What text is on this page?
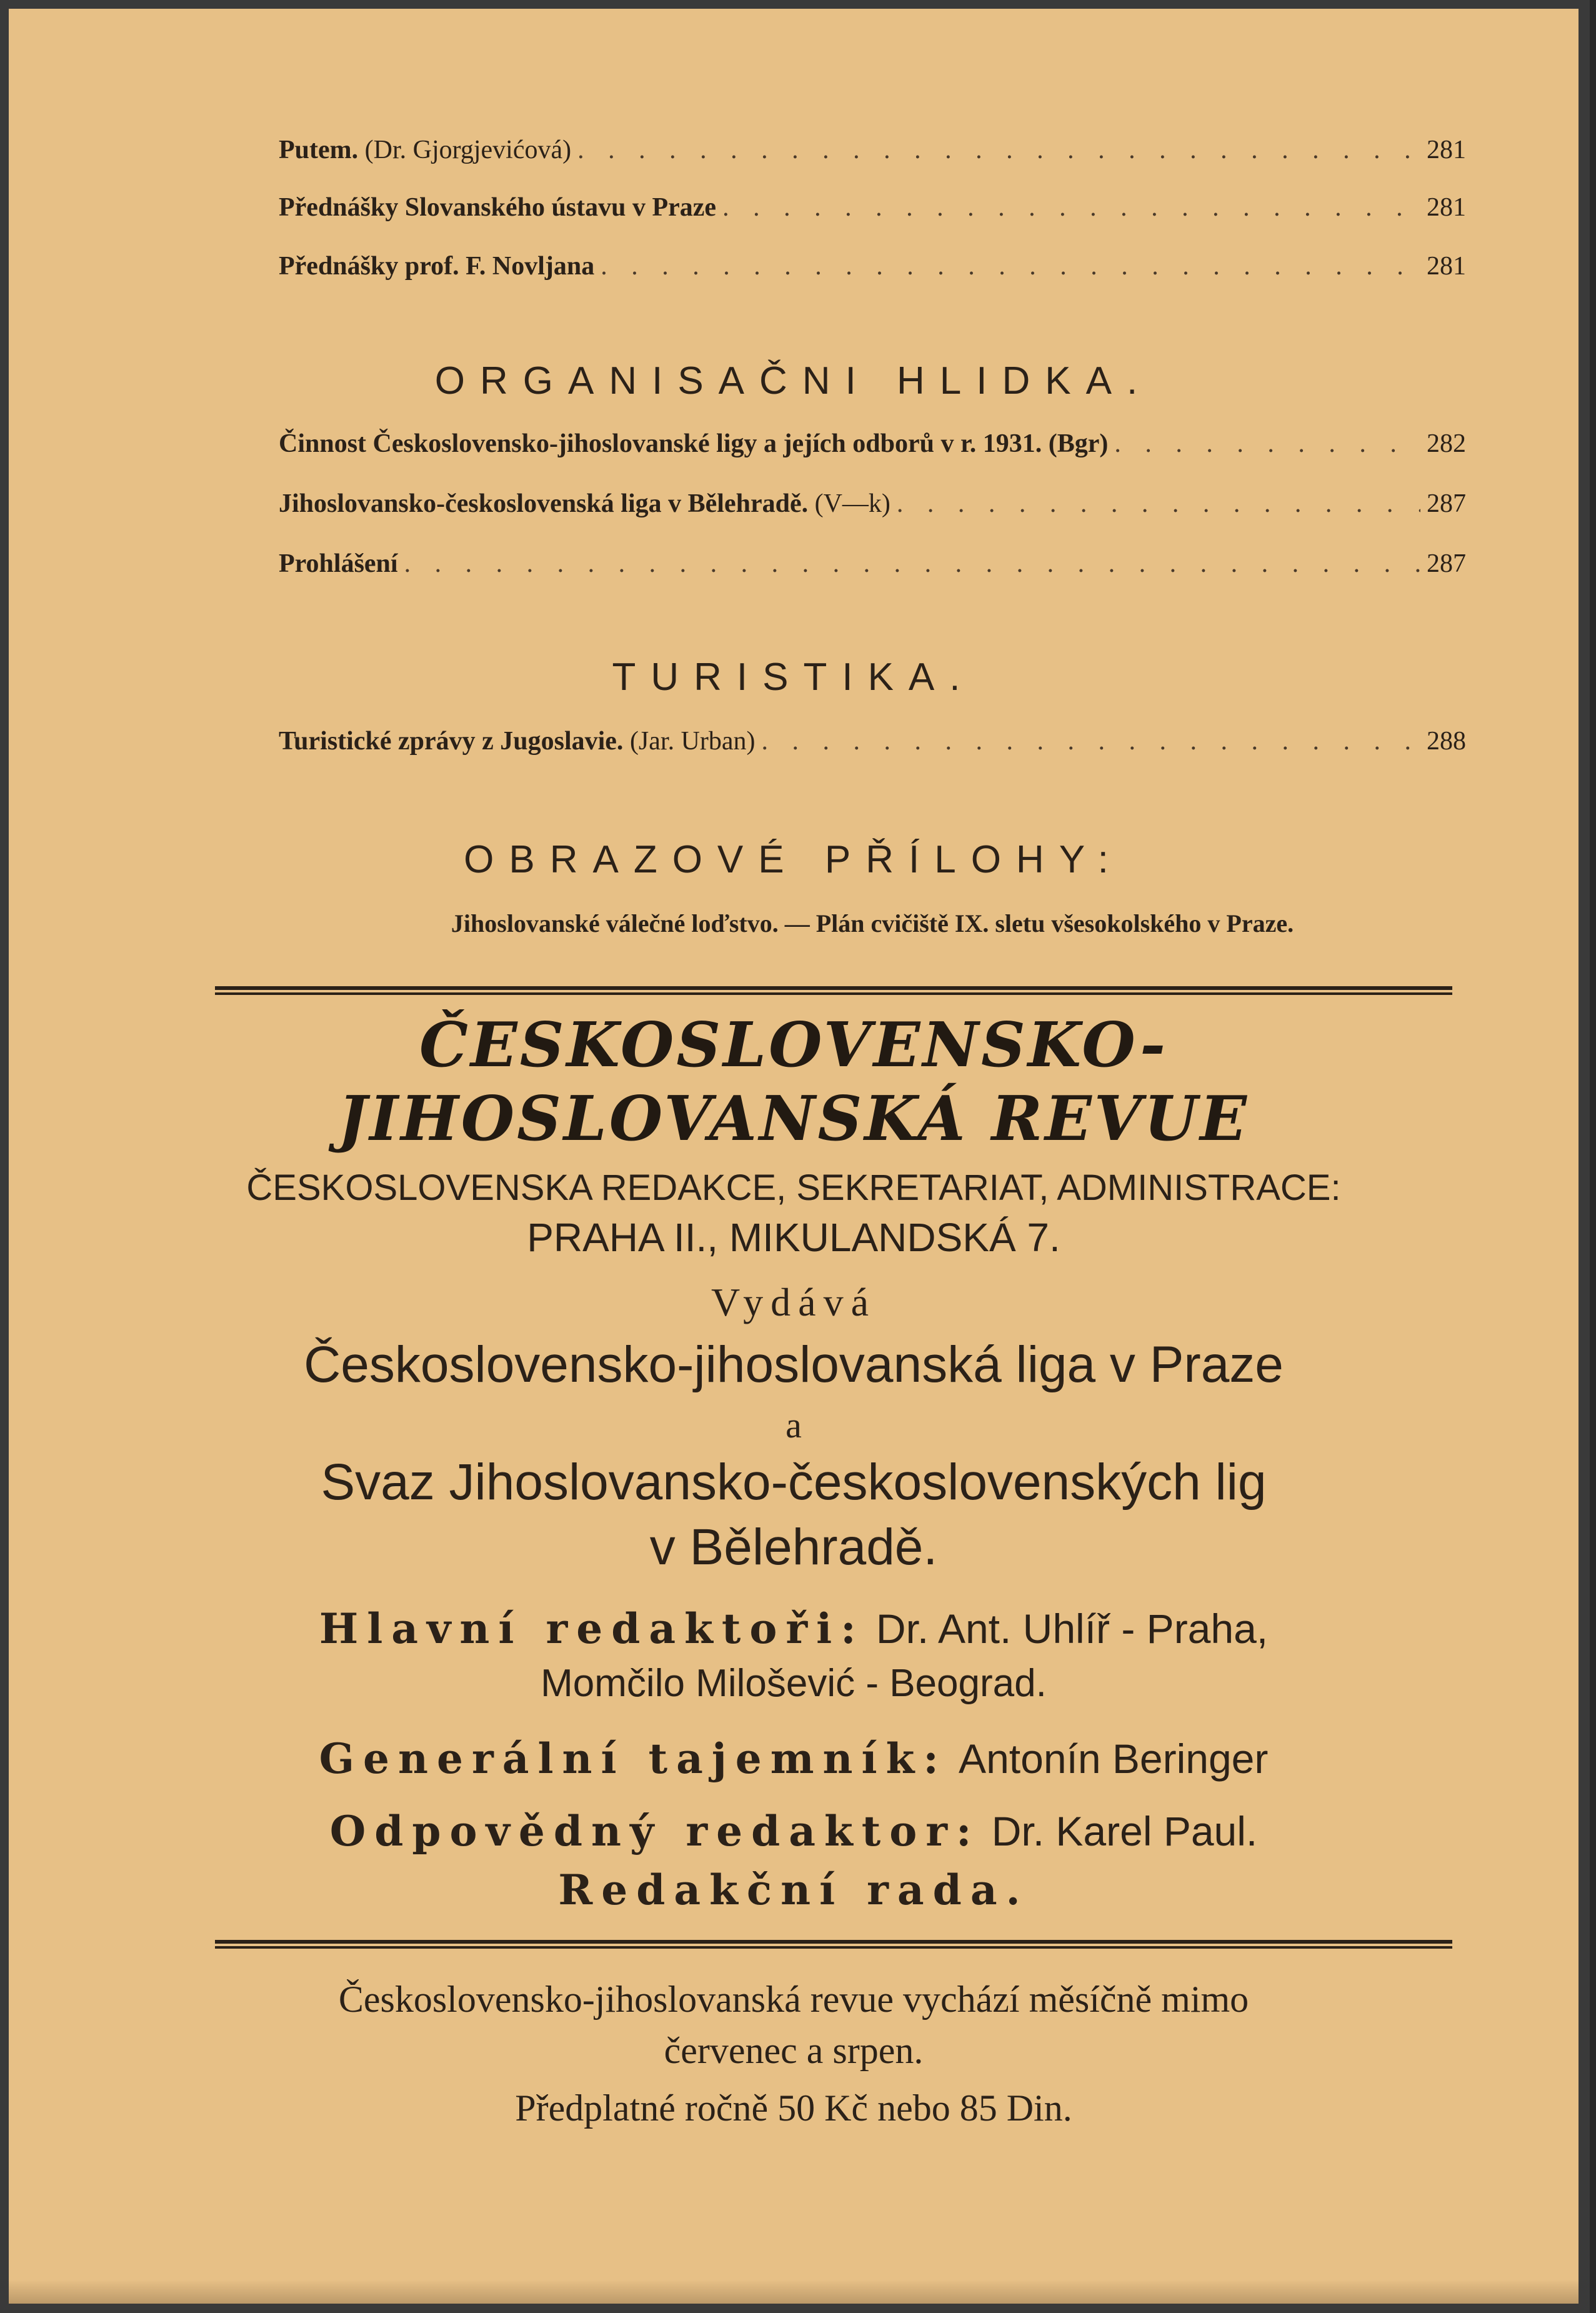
Putem. (Dr. Gjorgjevićová) . . .	281
Přednášky Slovanského ústavu v Praze . . .	281
Přednášky prof. F. Novljana . . .	281
ORGANISAČNI HLIDKA.
Činnost Československo-jihoslovanské ligy a jejích odborů v r. 1931. (Bgr) . . .	282
Jihoslovansko-československá liga v Bělehradě. (V—k) . . .	287
Prohlášení . . .	287
TURISTIKA.
Turistické zprávy z Jugoslavie. (Jar. Urban) . . .	288
OBRAZOVÉ PŘÍLOHY:
Jihoslovanské válečné loďstvo. — Plán cvičiště IX. sletu všesokolského v Praze.
ČESKOSLOVENSKO-
JIHOSLOVANSKÁ REVUE
ČESKOSLOVENSKA REDAKCE, SEKRETARIAT, ADMINISTRACE:
PRAHA II., MIKULANDSKÁ 7.
Vydává
Československo-jihoslovanská liga v Praze
a
Svaz Jihoslovansko-československých lig
v Bělehradě.
Hlavní redaktoři: Dr. Ant. Uhlíř - Praha,
Momčilo Milošević - Beograd.
Generální tajemník: Antonín Beringer
Odpovědný redaktor: Dr. Karel Paul.
Redakční rada.
Československo-jihoslovanská revue vychází měsíčně mimo
červenec a srpen.
Předplatné ročně 50 Kč nebo 85 Din.
